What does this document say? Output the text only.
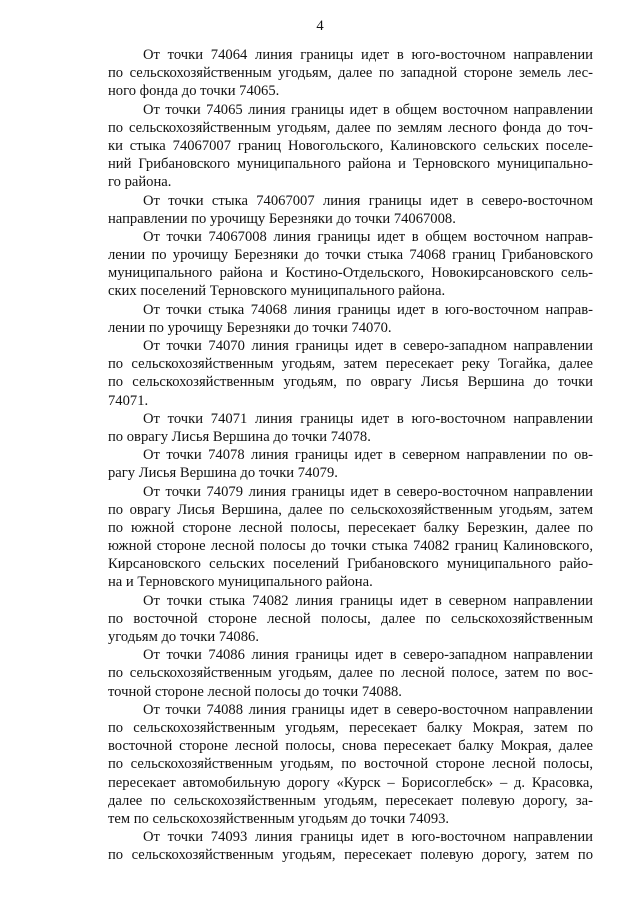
4
От точки 74064 линия границы идет в юго-восточном направлении
по сельскохозяйственным угодьям, далее по западной стороне земель лес-
ного фонда до точки 74065.
От точки 74065 линия границы идет в общем восточном направлении
по сельскохозяйственным угодьям, далее по землям лесного фонда до точ-
ки стыка 74067007 границ Новогольского, Калиновского сельских поселе-
ний Грибановского муниципального района и Терновского муниципально-
го района.
От точки стыка 74067007 линия границы идет в северо-восточном
направлении по урочищу Березняки до точки 74067008.
От точки 74067008 линия границы идет в общем восточном направ-
лении по урочищу Березняки до точки стыка 74068 границ Грибановского
муниципального района и Костино-Отдельского, Новокирсановского сель-
ских поселений Терновского муниципального района.
От точки стыка 74068 линия границы идет в юго-восточном направ-
лении по урочищу Березняки до точки 74070.
От точки 74070 линия границы идет в северо-западном направлении
по сельскохозяйственным угодьям, затем пересекает реку Тогайка, далее
по сельскохозяйственным угодьям, по оврагу Лисья Вершина до точки
74071.
От точки 74071 линия границы идет в юго-восточном направлении
по оврагу Лисья Вершина до точки 74078.
От точки 74078 линия границы идет в северном направлении по ов-
рагу Лисья Вершина до точки 74079.
От точки 74079 линия границы идет в северо-восточном направлении
по оврагу Лисья Вершина, далее по сельскохозяйственным угодьям, затем
по южной стороне лесной полосы, пересекает балку Березкин, далее по
южной стороне лесной полосы до точки стыка 74082 границ Калиновского,
Кирсановского сельских поселений Грибановского муниципального райо-
на и Терновского муниципального района.
От точки стыка 74082 линия границы идет в северном направлении
по восточной стороне лесной полосы, далее по сельскохозяйственным
угодьям до точки 74086.
От точки 74086 линия границы идет в северо-западном направлении
по сельскохозяйственным угодьям, далее по лесной полосе, затем по вос-
точной стороне лесной полосы до точки 74088.
От точки 74088 линия границы идет в северо-восточном направлении
по сельскохозяйственным угодьям, пересекает балку Мокрая, затем по
восточной стороне лесной полосы, снова пересекает балку Мокрая, далее
по сельскохозяйственным угодьям, по восточной стороне лесной полосы,
пересекает автомобильную дорогу «Курск – Борисоглебск» – д. Красовка,
далее по сельскохозяйственным угодьям, пересекает полевую дорогу, за-
тем по сельскохозяйственным угодьям до точки 74093.
От точки 74093 линия границы идет в юго-восточном направлении
по сельскохозяйственным угодьям, пересекает полевую дорогу, затем по
